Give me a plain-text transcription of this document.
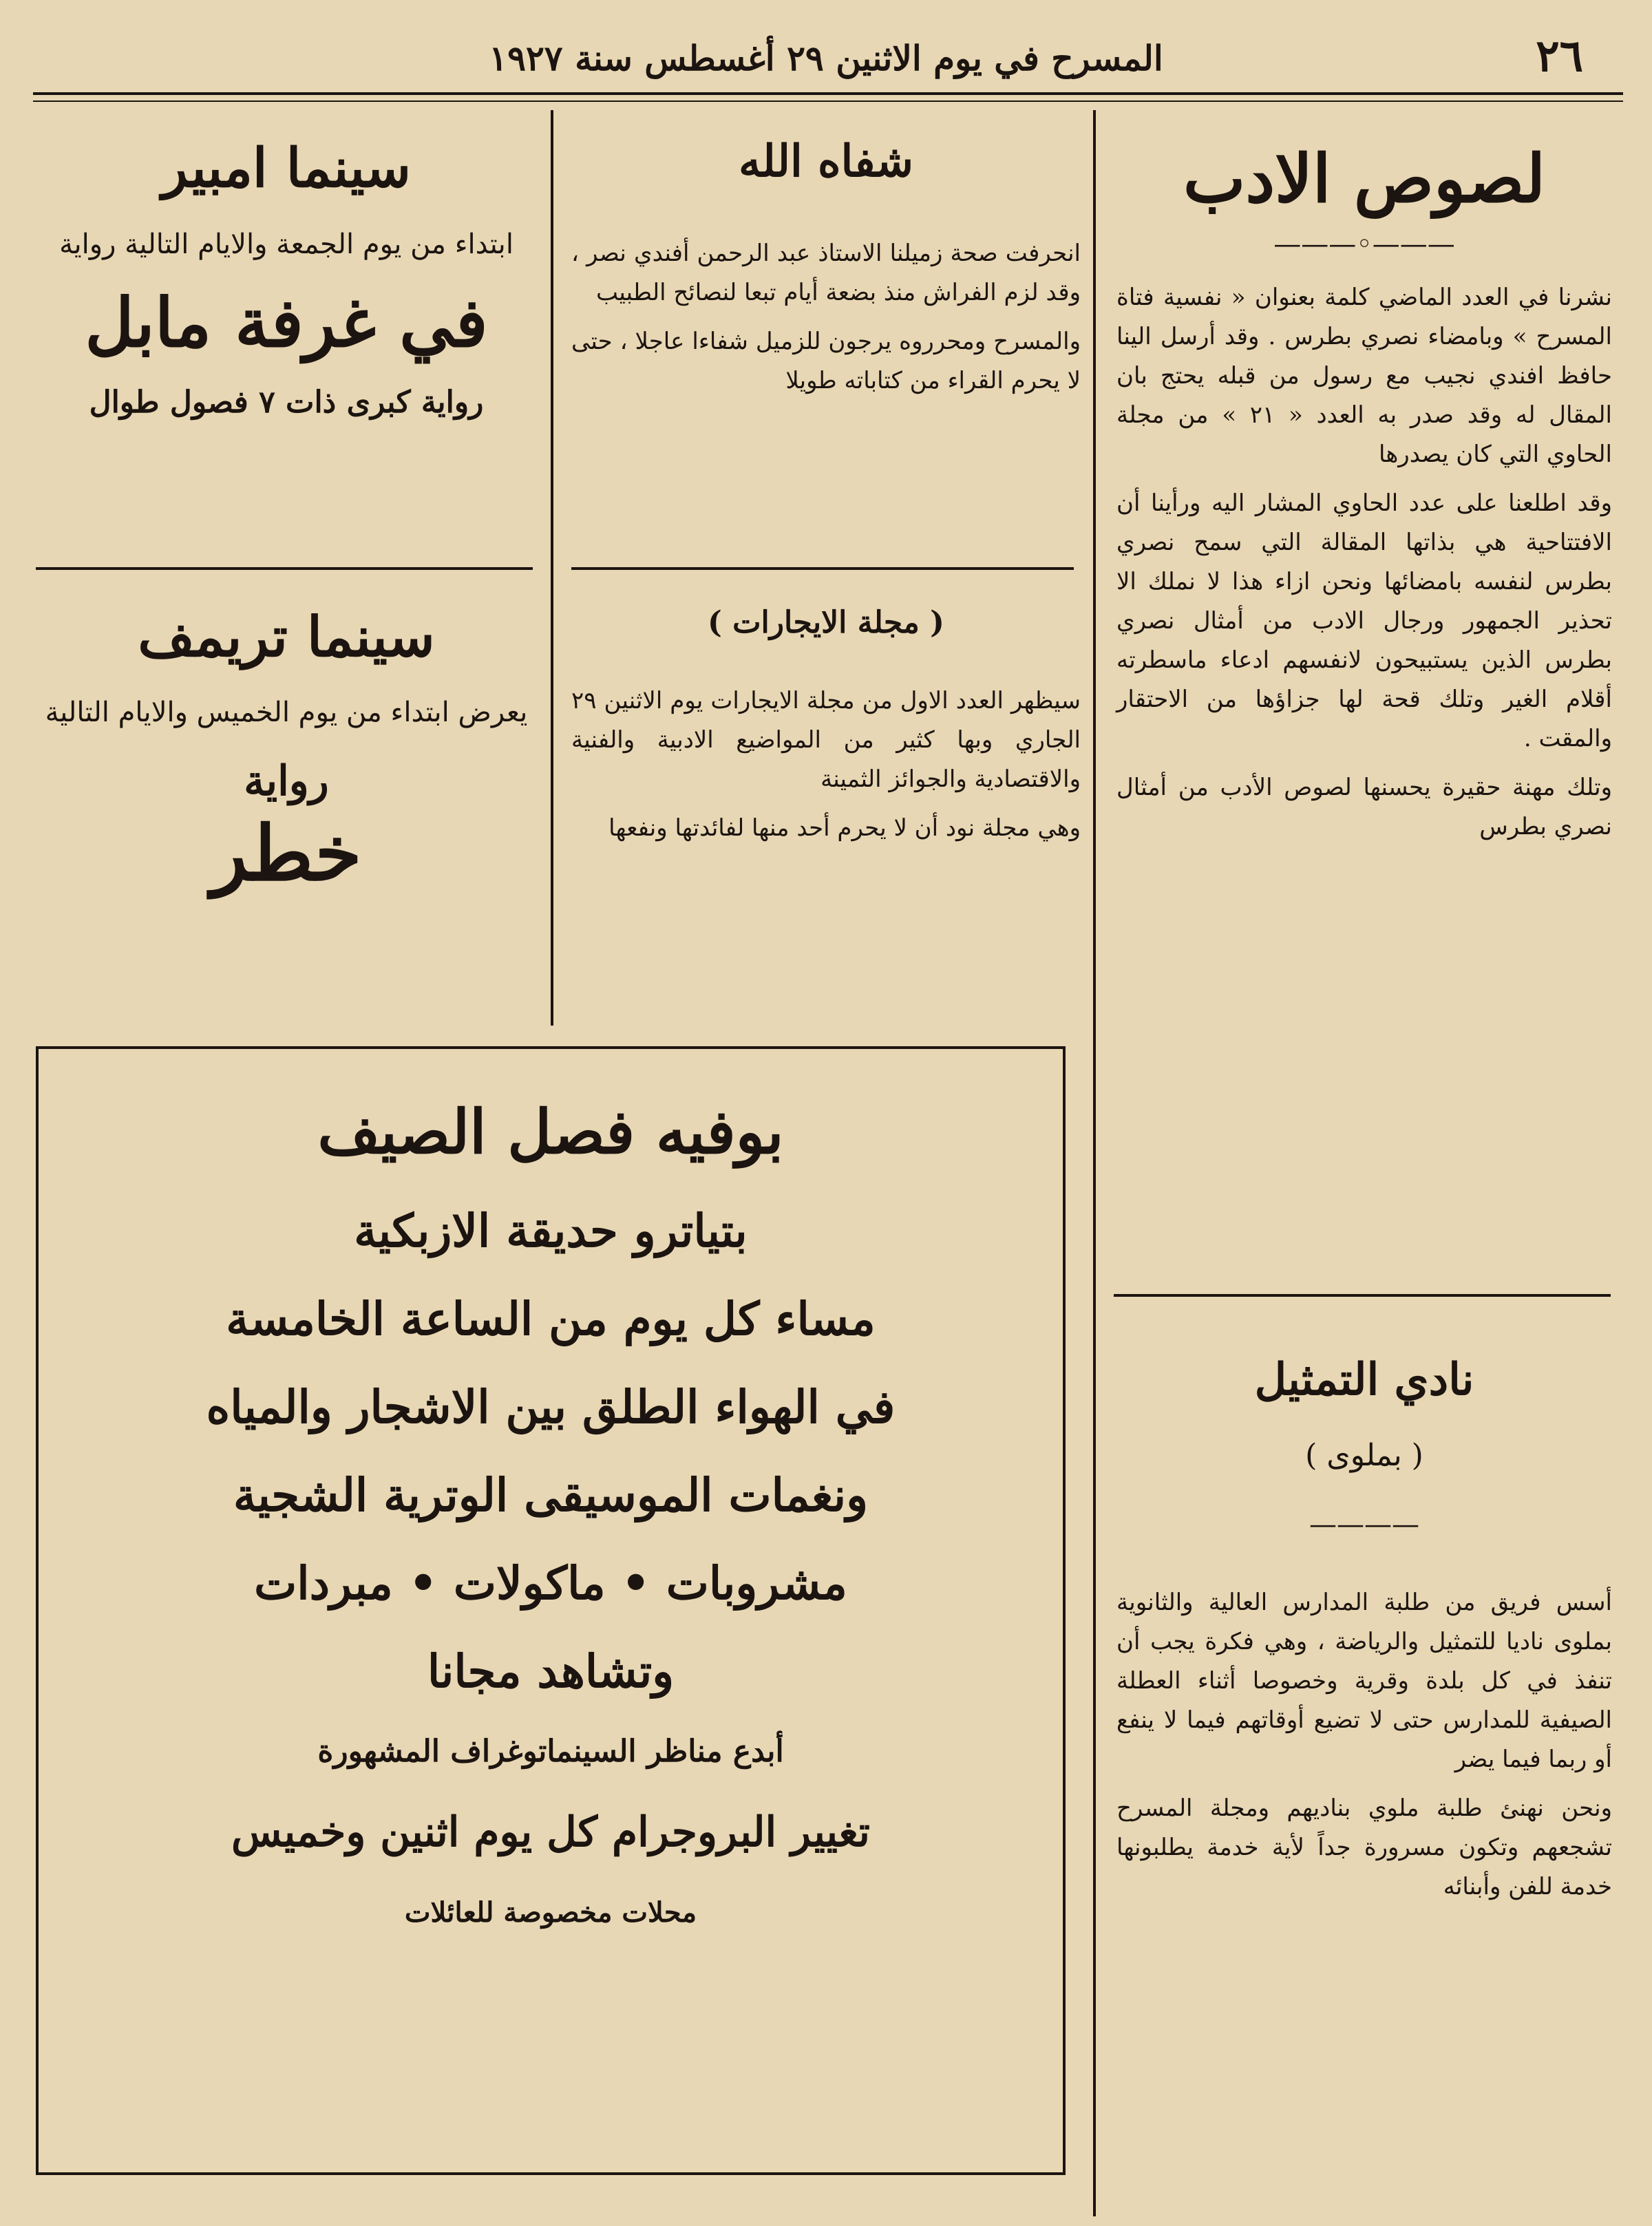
٢٦
المسرح في يوم الاثنين ٢٩ أغسطس سنة ١٩٢٧
لصوص الادب
———◦———

نشرنا في العدد الماضي كلمة بعنوان « نفسية فتاة المسرح » وبامضاء نصري بطرس . وقد أرسل الينا حافظ افندي نجيب مع رسول من قبله يحتج بان المقال له وقد صدر به العدد « ٢١ » من مجلة الحاوي التي كان يصدرها

وقد اطلعنا على عدد الحاوي المشار اليه ورأينا أن الافتتاحية هي بذاتها المقالة التي سمح نصري بطرس لنفسه بامضائها ونحن ازاء هذا لا نملك الا تحذير الجمهور ورجال الادب من أمثال نصري بطرس الذين يستبيحون لانفسهم ادعاء ماسطرته أقلام الغير وتلك قحة لها جزاؤها من الاحتقار والمقت .

وتلك مهنة حقيرة يحسنها لصوص الأدب من أمثال نصري بطرس

نادي التمثيل

( بملوى )

————

أسس فريق من طلبة المدارس العالية والثانوية بملوى ناديا للتمثيل والرياضة ، وهي فكرة يجب أن تنفذ في كل بلدة وقرية وخصوصا أثناء العطلة الصيفية للمدارس حتى لا تضيع أوقاتهم فيما لا ينفع أو ربما فيما يضر

ونحن نهنئ طلبة ملوي بناديهم ومجلة المسرح تشجعهم وتكون مسرورة جداً لأية خدمة يطلبونها خدمة للفن وأبنائه

شفاه الله

انحرفت صحة زميلنا الاستاذ عبد الرحمن أفندي نصر ، وقد لزم الفراش منذ بضعة أيام تبعا لنصائح الطبيب

والمسرح ومحرروه يرجون للزميل شفاءا عاجلا ، حتى لا يحرم القراء من كتاباته طويلا

( مجلة الايجارات )

سيظهر العدد الاول من مجلة الايجارات يوم الاثنين ٢٩ الجاري وبها كثير من المواضيع الادبية والفنية والاقتصادية والجوائز الثمينة

وهي مجلة نود أن لا يحرم أحد منها لفائدتها ونفعها

سينما امبير

ابتداء من يوم الجمعة والايام التالية رواية

في غرفة مابل

رواية كبرى ذات ٧ فصول طوال

سينما تريمف

يعرض ابتداء من يوم الخميس والايام التالية

رواية

خطر

بوفيه فصل الصيف

بتياترو حديقة الازبكية

مساء كل يوم من الساعة الخامسة

في الهواء الطلق بين الاشجار والمياه

ونغمات الموسيقى الوترية الشجية

مشروبات • ماكولات • مبردات

وتشاهد مجانا

أبدع مناظر السينماتوغراف المشهورة

تغيير البروجرام كل يوم اثنين وخميس

محلات مخصوصة للعائلات
